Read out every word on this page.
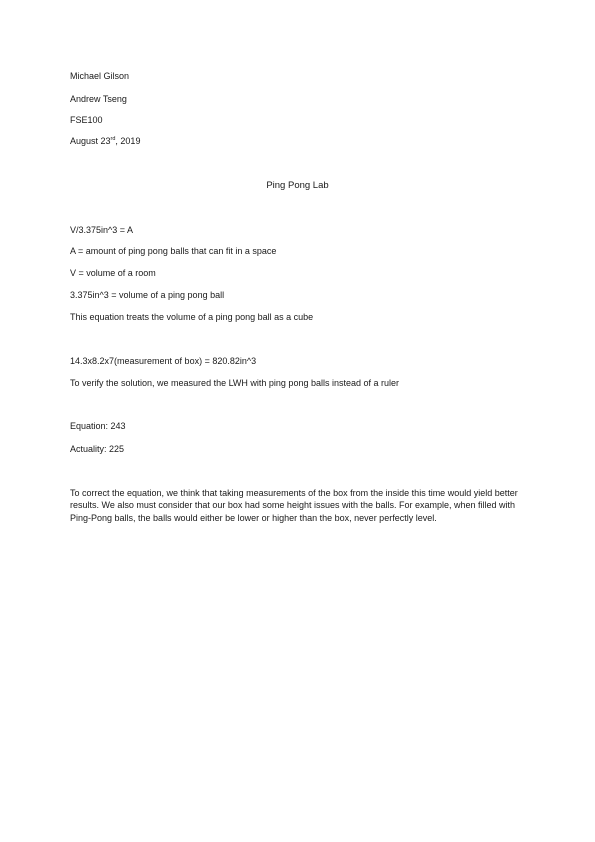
Michael Gilson
Andrew Tseng
FSE100
August 23rd, 2019
Ping Pong Lab
V/3.375in^3 = A
A = amount of ping pong balls that can fit in a space
V = volume of a room
3.375in^3 = volume of a ping pong ball
This equation treats the volume of a ping pong ball as a cube
14.3x8.2x7(measurement of box) = 820.82in^3
To verify the solution, we measured the LWH with ping pong balls instead of a ruler
Equation: 243
Actuality: 225
To correct the equation, we think that taking measurements of the box from the inside this time would yield better results. We also must consider that our box had some height issues with the balls. For example, when filled with Ping-Pong balls, the balls would either be lower or higher than the box, never perfectly level.
